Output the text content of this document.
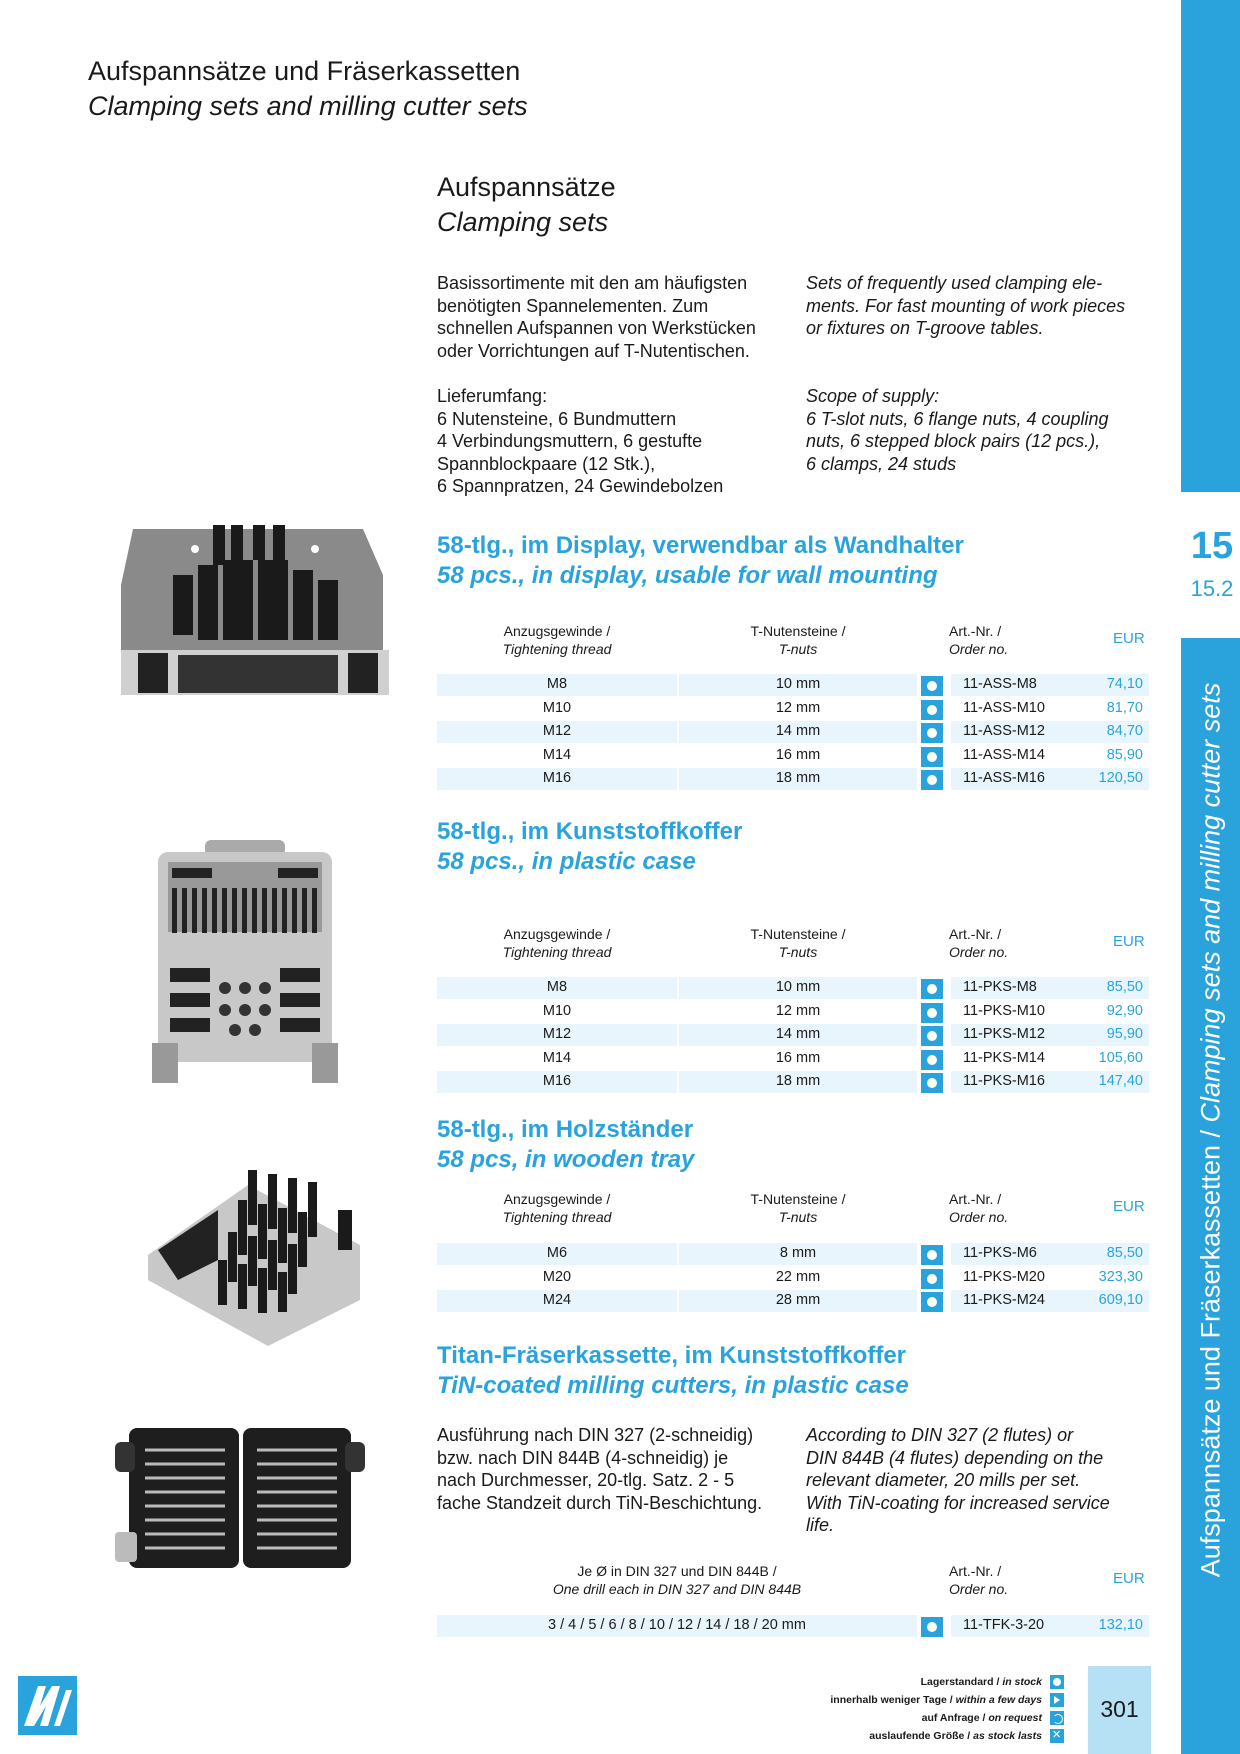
Aufspannsätze und Fräserkassetten
Clamping sets and milling cutter sets
Aufspannsätze
Clamping sets
Basissortimente mit den am häufigsten
benötigten Spannelementen. Zum
schnellen Aufspannen von Werkstücken
oder Vorrichtungen auf T-Nutentischen.
Sets of frequently used clamping ele-
ments. For fast mounting of work pieces
or fixtures on T-groove tables.
Lieferumfang:
6 Nutensteine, 6 Bundmuttern
4 Verbindungsmuttern, 6 gestufte
Spannblockpaare (12 Stk.),
6 Spannpratzen, 24 Gewindebolzen
Scope of supply:
6 T-slot nuts, 6 flange nuts, 4 coupling
nuts, 6 stepped block pairs (12 pcs.),
6 clamps, 24 studs
58-tlg., im Display, verwendbar als Wandhalter
58 pcs., in display, usable for wall mounting
Anzugsgewinde /
Tightening thread
T-Nutensteine /
T-nuts
Art.-Nr. /
Order no.
EUR
M8	10 mm	11-ASS-M8	74,10
M10	12 mm	11-ASS-M10	81,70
M12	14 mm	11-ASS-M12	84,70
M14	16 mm	11-ASS-M14	85,90
M16	18 mm	11-ASS-M16	120,50
58-tlg., im Kunststoffkoffer
58 pcs., in plastic case
Anzugsgewinde /
Tightening thread
T-Nutensteine /
T-nuts
Art.-Nr. /
Order no.
EUR
M8	10 mm	11-PKS-M8	85,50
M10	12 mm	11-PKS-M10	92,90
M12	14 mm	11-PKS-M12	95,90
M14	16 mm	11-PKS-M14	105,60
M16	18 mm	11-PKS-M16	147,40
58-tlg., im Holzständer
58 pcs, in wooden tray
Anzugsgewinde /
Tightening thread
T-Nutensteine /
T-nuts
Art.-Nr. /
Order no.
EUR
M6	8 mm	11-PKS-M6	85,50
M20	22 mm	11-PKS-M20	323,30
M24	28 mm	11-PKS-M24	609,10
Titan-Fräserkassette, im Kunststoffkoffer
TiN-coated milling cutters, in plastic case
Ausführung nach DIN 327 (2-schneidig)
bzw. nach DIN 844B (4-schneidig) je
nach Durchmesser, 20-tlg. Satz. 2 - 5
fache Standzeit durch TiN-Beschichtung.
According to DIN 327 (2 flutes) or
DIN 844B (4 flutes) depending on the
relevant diameter, 20 mills per set.
With TiN-coating for increased service
life.
Je Ø in DIN 327 und DIN 844B /
One drill each in DIN 327 and DIN 844B
Art.-Nr. /
Order no.
EUR
3 / 4 / 5 / 6 / 8 / 10 / 12 / 14 / 18 / 20 mm	11-TFK-3-20	132,10
15
15.2
Aufspannsätze und Fräserkassetten / Clamping sets and milling cutter sets
Lagerstandard / in stock
innerhalb weniger Tage / within a few days
auf Anfrage / on request
auslaufende Größe / as stock lasts
✕
301
